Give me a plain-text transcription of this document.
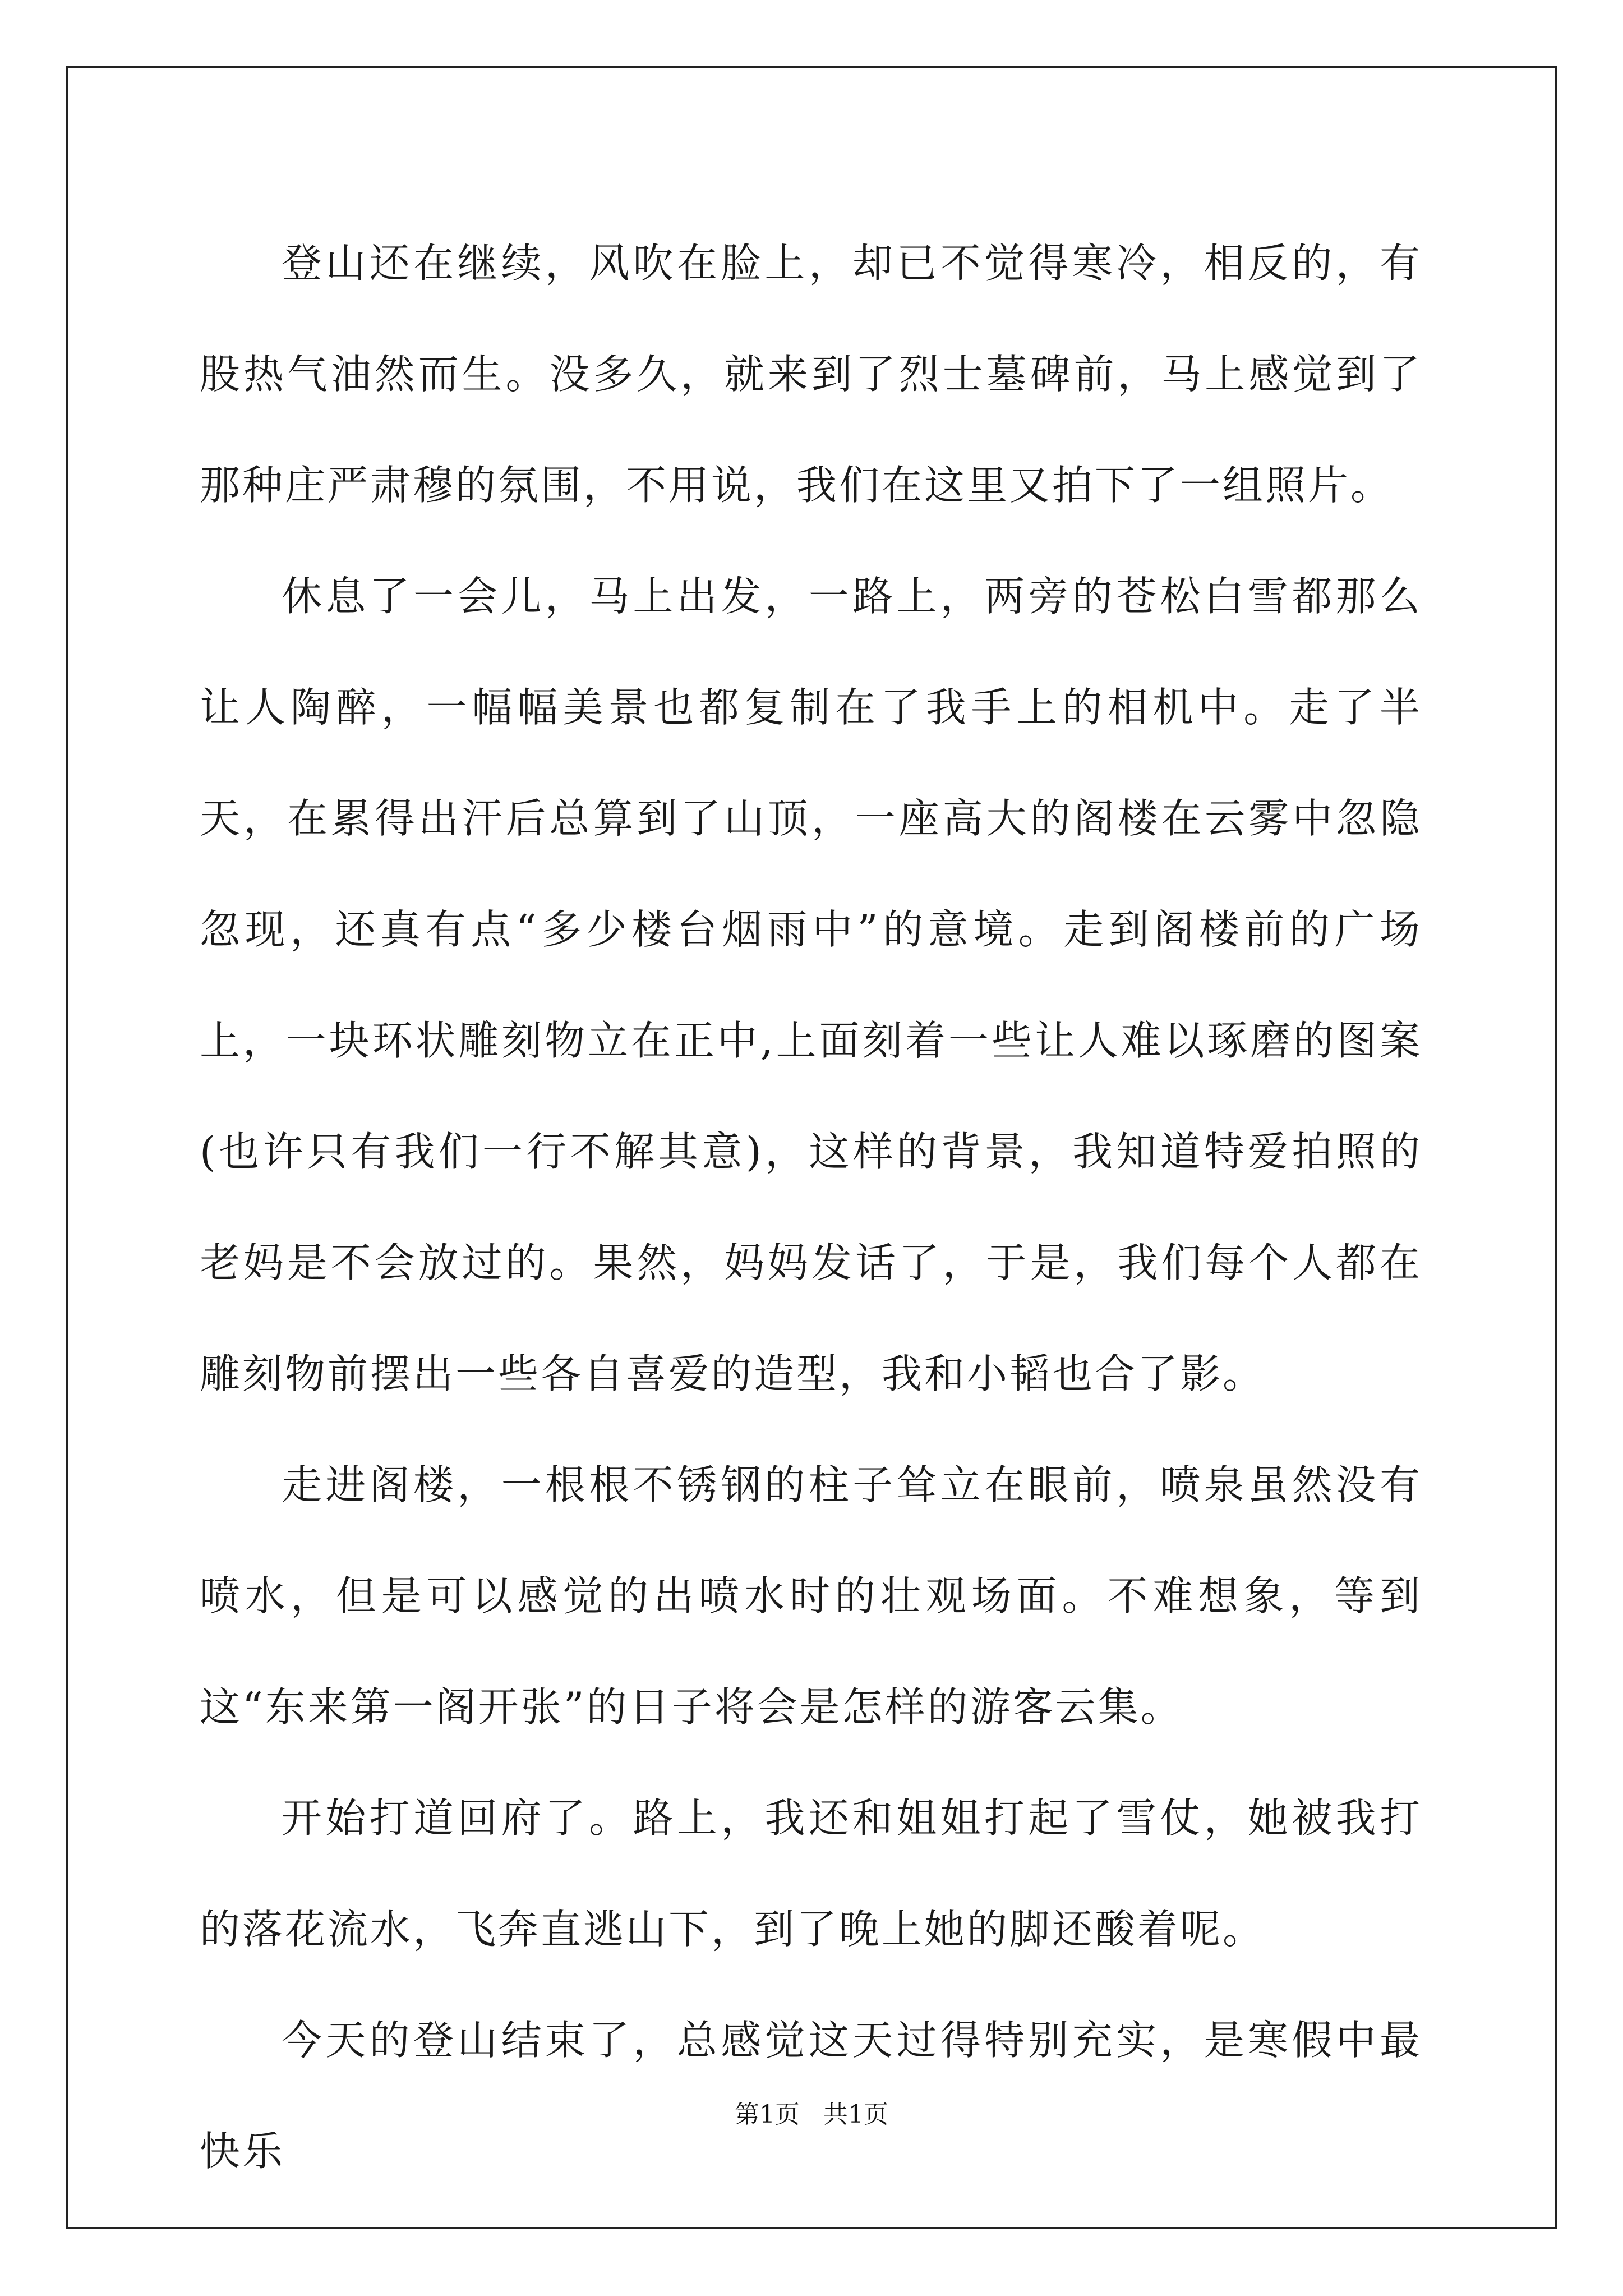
登山还在继续，风吹在脸上，却已不觉得寒冷，相反的，有股热气油然而生。没多久，就来到了烈士墓碑前，马上感觉到了那种庄严肃穆的氛围，不用说，我们在这里又拍下了一组照片。

休息了一会儿，马上出发，一路上，两旁的苍松白雪都那么让人陶醉，一幅幅美景也都复制在了我手上的相机中。走了半天，在累得出汗后总算到了山顶，一座高大的阁楼在云雾中忽隐忽现，还真有点“多少楼台烟雨中”的意境。走到阁楼前的广场上，一块环状雕刻物立在正中,上面刻着一些让人难以琢磨的图案(也许只有我们一行不解其意)，这样的背景，我知道特爱拍照的老妈是不会放过的。果然，妈妈发话了，于是，我们每个人都在雕刻物前摆出一些各自喜爱的造型，我和小韬也合了影。

走进阁楼，一根根不锈钢的柱子耸立在眼前，喷泉虽然没有喷水，但是可以感觉的出喷水时的壮观场面。不难想象，等到这“东来第一阁开张”的日子将会是怎样的游客云集。

开始打道回府了。路上，我还和姐姐打起了雪仗，她被我打的落花流水，飞奔直逃山下，到了晚上她的脚还酸着呢。

今天的登山结束了，总感觉这天过得特别充实，是寒假中最快乐

第1页 共1页
